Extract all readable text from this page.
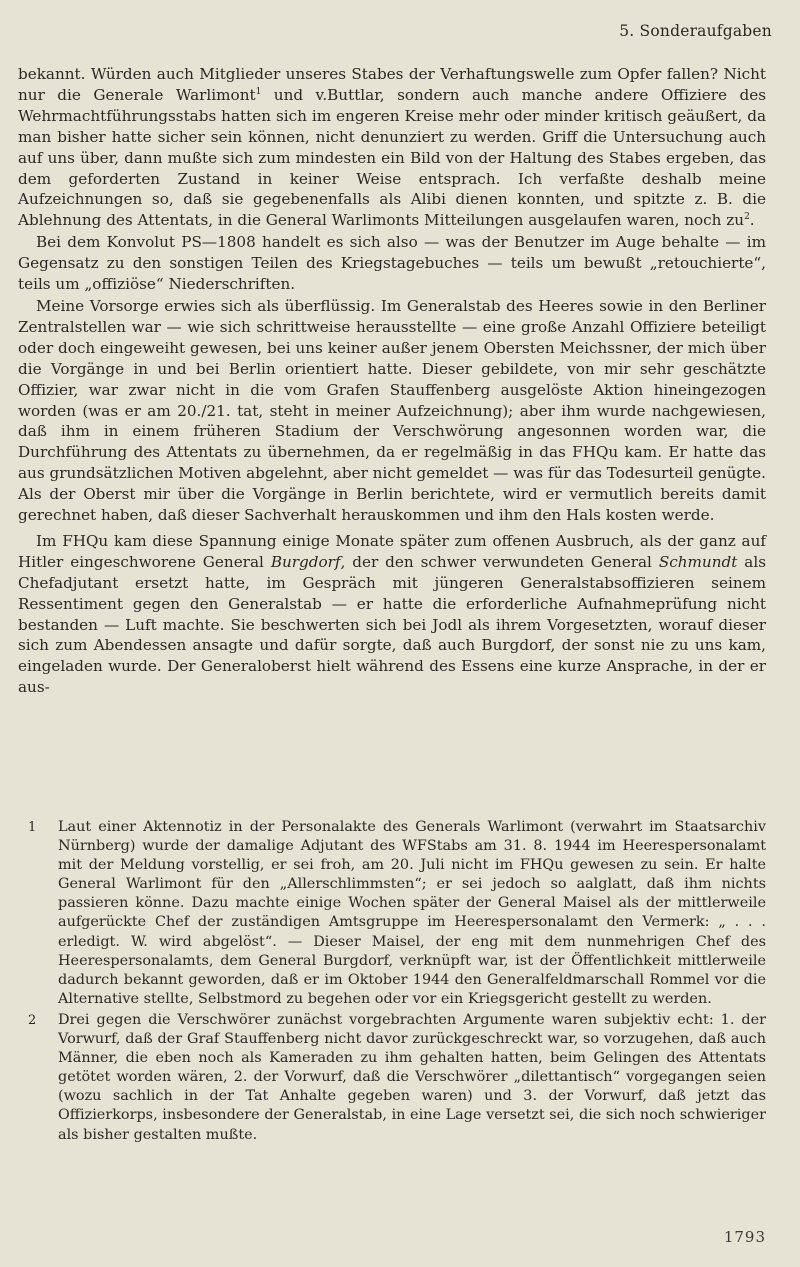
5. Sonderaufgaben

bekannt. Würden auch Mitglieder unseres Stabes der Verhaftungswelle zum Opfer fallen? Nicht nur die Generale Warlimont$^1$ und v.Buttlar, sondern auch manche andere Offiziere des Wehrmachtführungsstabs hatten sich im engeren Kreise mehr oder minder kritisch geäußert, da man bisher hatte sicher sein können, nicht denunziert zu werden. Griff die Untersuchung auch auf uns über, dann mußte sich zum mindesten ein Bild von der Haltung des Stabes ergeben, das dem geforderten Zustand in keiner Weise entsprach. Ich verfaßte deshalb meine Aufzeichnungen so, daß sie gegebenenfalls als Alibi dienen konnten, und spitzte z. B. die Ablehnung des Attentats, in die General Warlimonts Mitteilungen ausgelaufen waren, noch $zu^2$.

Bei dem Konvolut PS—1808 handelt es sich also — was der Benutzer im Auge behalte — im Gegensatz zu den sonstigen Teilen des Kriegstagebuches — teils um bewußt „retouchierte“, teils um „offiziöse“ Niederschriften.

Meine Vorsorge erwies sich als überflüssig. Im Generalstab des Heeres sowie in den Berliner Zentralstellen war — wie sich schrittweise herausstellte — eine große Anzahl Offiziere beteiligt oder doch eingeweiht gewesen, bei uns keiner außer jenem Obersten Meichssner, der mich über die Vorgänge in und bei Berlin orientiert hatte. Dieser gebildete, von mir sehr geschätzte Offizier, war zwar nicht in die vom Grafen Stauffenberg ausgelöste Aktion hineingezogen worden (was er am 20./21. tat, steht in meiner Aufzeichnung); aber ihm wurde nachgewiesen, daß ihm in einem früheren Stadium der Verschwörung angesonnen worden war, die Durchführung des Attentats zu übernehmen, da er regelmäßig in das FHQu kam. Er hatte das aus grundsätzlichen Motiven abgelehnt, aber nicht gemeldet — was für das Todesurteil genügte. Als der Oberst mir über die Vorgänge in Berlin berichtete, wird er vermutlich bereits damit gerechnet haben, daß dieser Sachverhalt herauskommen und ihm den Hals kosten werde.

Im FHQu kam diese Spannung einige Monate später zum offenen Ausbruch, als der ganz auf Hitler eingeschworene General Burgdorf, der den schwer verwundeten General Schmundt als Chefadjutant ersetzt hatte, im Gespräch mit jüngeren Generalstabsoffizieren seinem Ressentiment gegen den Generalstab — er hatte die erforderliche Aufnahmeprüfung nicht bestanden — Luft machte. Sie beschwerten sich bei Jodl als ihrem Vorgesetzten, worauf dieser sich zum Abendessen ansagte und dafür sorgte, daß auch Burgdorf, der sonst nie zu uns kam, eingeladen wurde. Der Generaloberst hielt während des Essens eine kurze Ansprache, in der er aus-

1 Laut einer Aktennotiz in der Personalakte des Generals Warlimont (verwahrt im Staatsarchiv Nürnberg) wurde der damalige Adjutant des WFStabs am 31. 8. 1944 im Heerespersonalamt mit der Meldung vorstellig, er sei froh, am 20. Juli nicht im FHQu gewesen zu sein. Er halte General Warlimont für den „Allerschlimmsten“; er sei jedoch so aalglatt, daß ihm nichts passieren könne. Dazu machte einige Wochen später der General Maisel als der mittlerweile aufgerückte Chef der zuständigen Amtsgruppe im Heerespersonalamt den Vermerk: „ . . . erledigt. W. wird abgelöst“. — Dieser Maisel, der eng mit dem nunmehrigen Chef des Heerespersonalamts, dem General Burgdorf, verknüpft war, ist der Öffentlichkeit mittlerweile dadurch bekannt geworden, daß er im Oktober 1944 den Generalfeldmarschall Rommel vor die Alternative stellte, Selbstmord zu begehen oder vor ein Kriegsgericht gestellt zu werden.
2 Drei gegen die Verschwörer zunächst vorgebrachten Argumente waren subjektiv echt: 1. der Vorwurf, daß der Graf Stauffenberg nicht davor zurückgeschreckt war, so vorzugehen, daß auch Männer, die eben noch als Kameraden zu ihm gehalten hatten, beim Gelingen des Attentats getötet worden wären, 2. der Vorwurf, daß die Verschwörer „dilettantisch“ vorgegangen seien (wozu sachlich in der Tat Anhalte gegeben waren) und 3. der Vorwurf, daß jetzt das Offizierkorps, insbesondere der Generalstab, in eine Lage versetzt sei, die sich noch schwieriger als bisher gestalten mußte.
1793
